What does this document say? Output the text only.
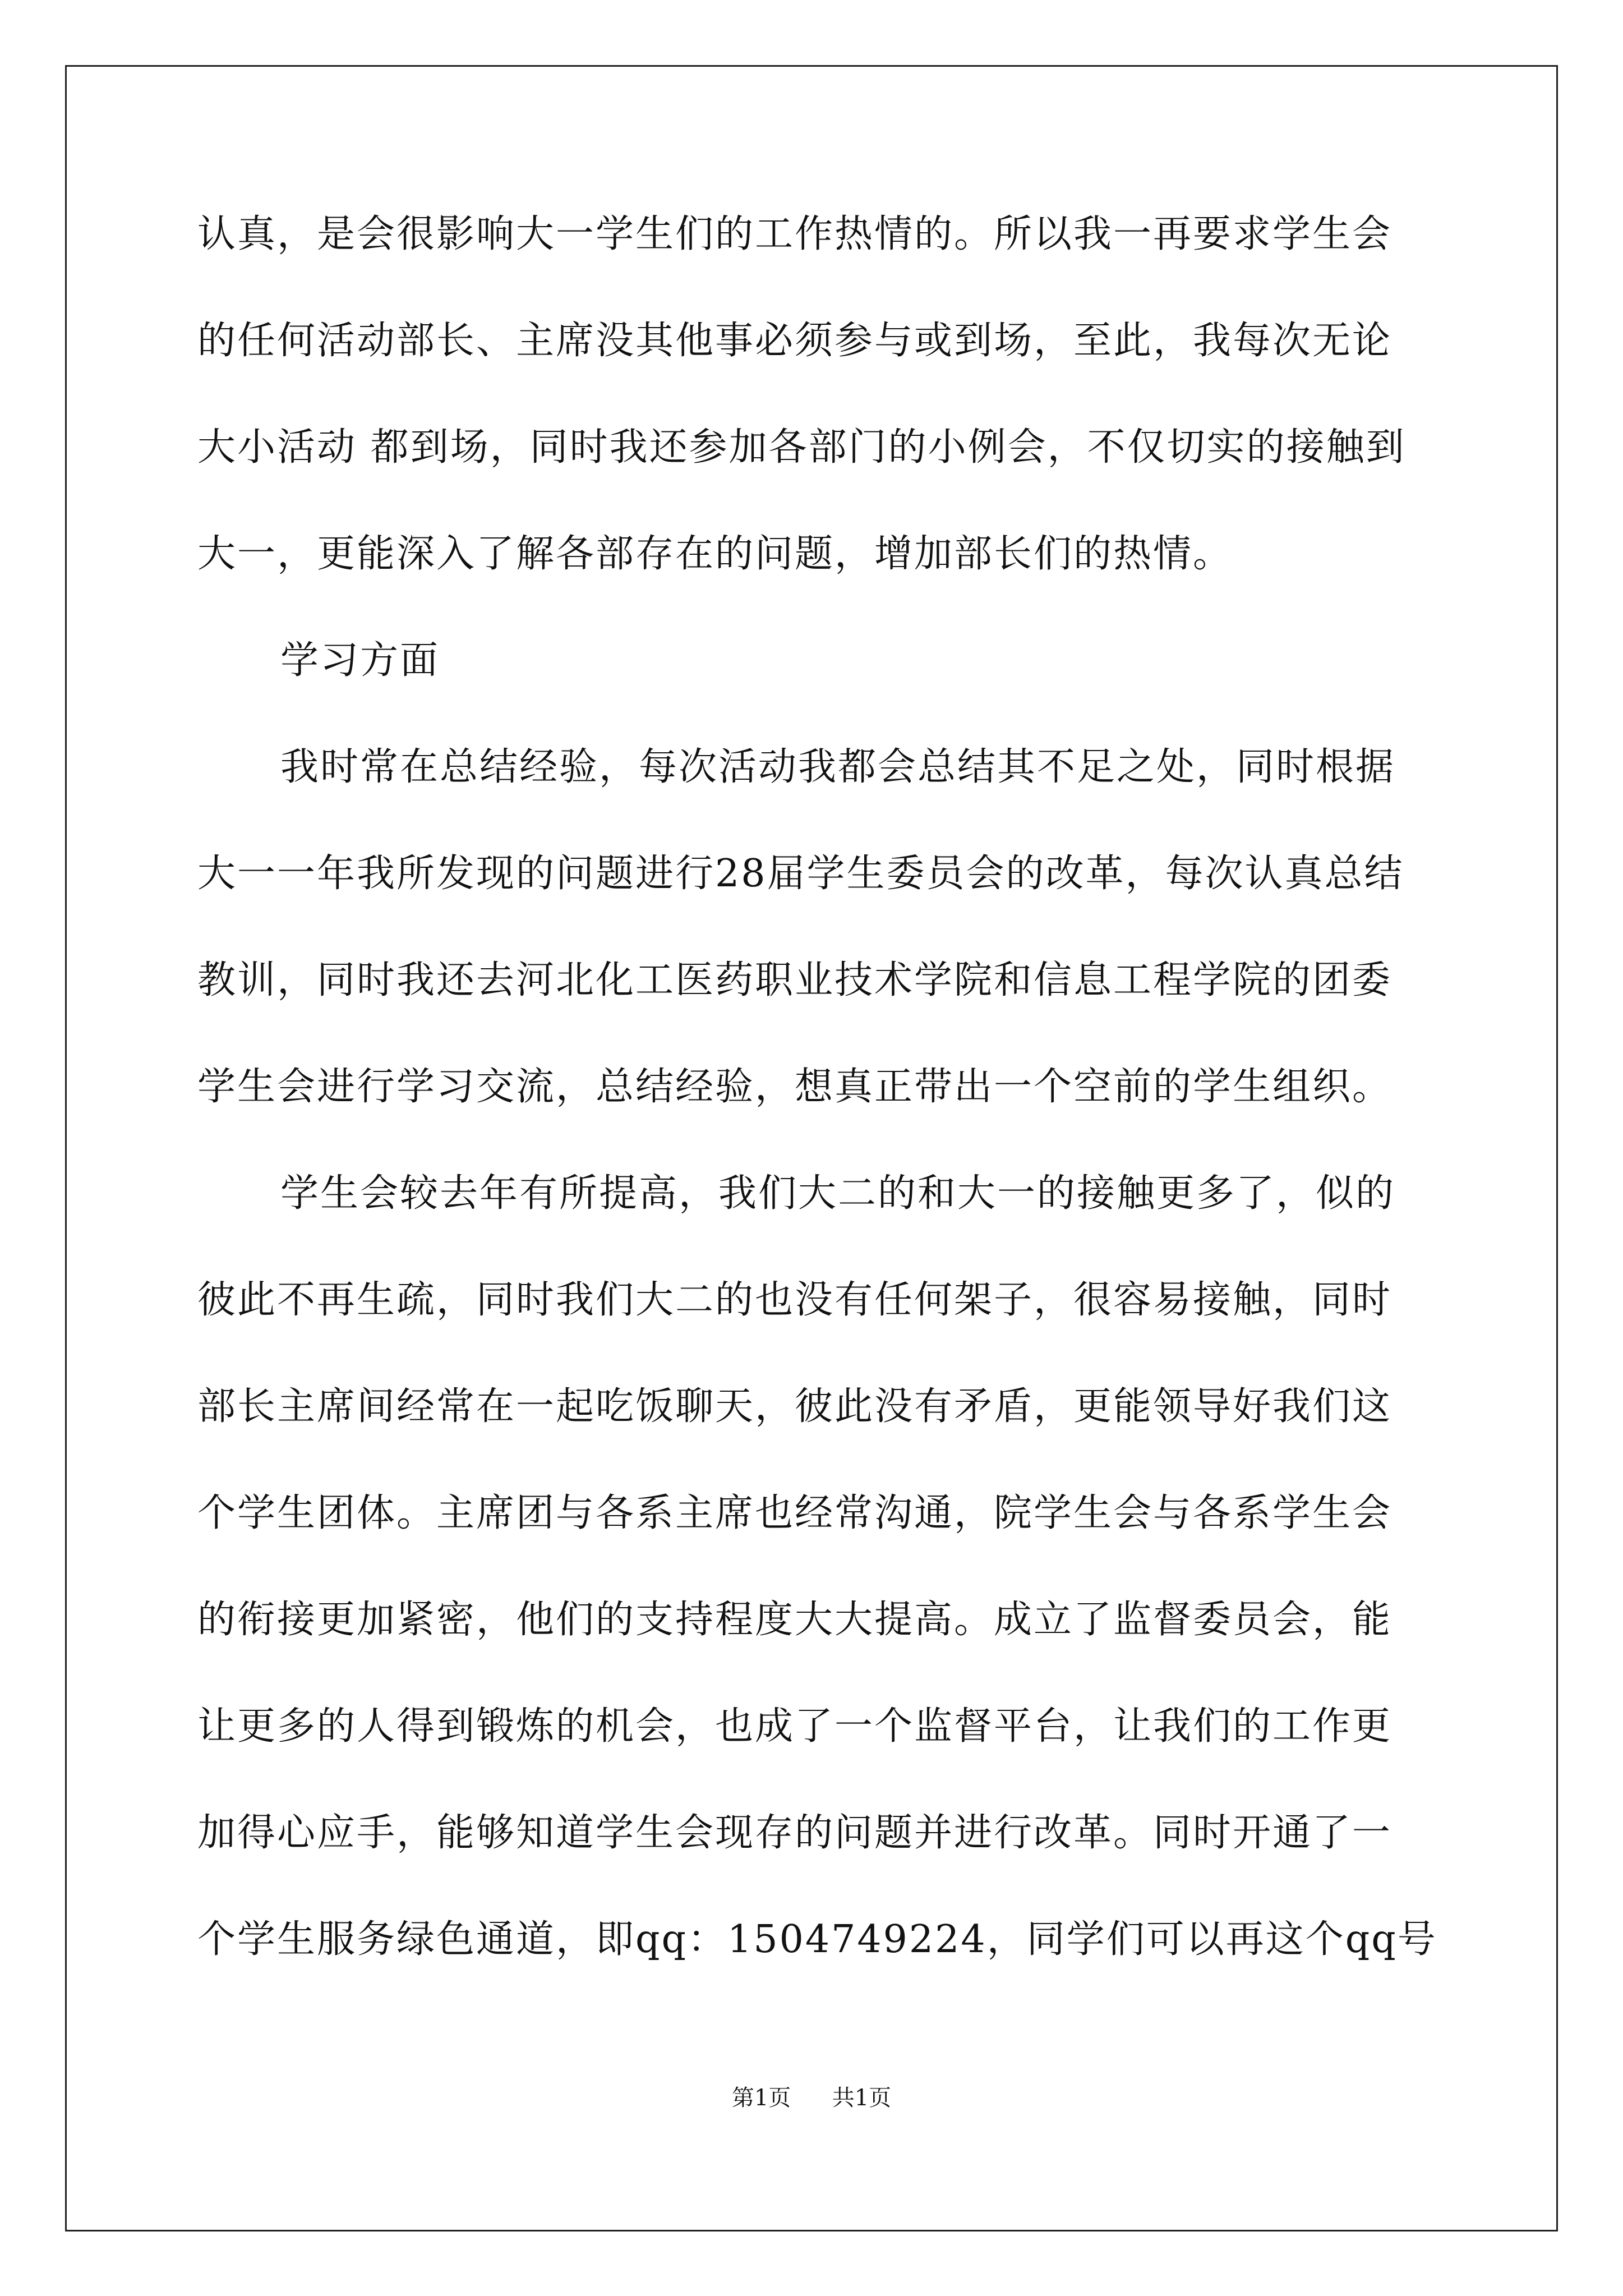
认真，是会很影响大一学生们的工作热情的。所以我一再要求学生会
的任何活动部长、主席没其他事必须参与或到场，至此，我每次无论
大小活动 都到场，同时我还参加各部门的小例会，不仅切实的接触到
大一，更能深入了解各部存在的问题，增加部长们的热情。
学习方面
我时常在总结经验，每次活动我都会总结其不足之处，同时根据
大一一年我所发现的问题进行28届学生委员会的改革，每次认真总结
教训，同时我还去河北化工医药职业技术学院和信息工程学院的团委
学生会进行学习交流，总结经验，想真正带出一个空前的学生组织。
学生会较去年有所提高，我们大二的和大一的接触更多了，似的
彼此不再生疏，同时我们大二的也没有任何架子，很容易接触，同时
部长主席间经常在一起吃饭聊天，彼此没有矛盾，更能领导好我们这
个学生团体。主席团与各系主席也经常沟通，院学生会与各系学生会
的衔接更加紧密，他们的支持程度大大提高。成立了监督委员会，能
让更多的人得到锻炼的机会，也成了一个监督平台，让我们的工作更
加得心应手，能够知道学生会现存的问题并进行改革。同时开通了一
个学生服务绿色通道，即qq：1504749224，同学们可以再这个qq号
第1页 共1页
